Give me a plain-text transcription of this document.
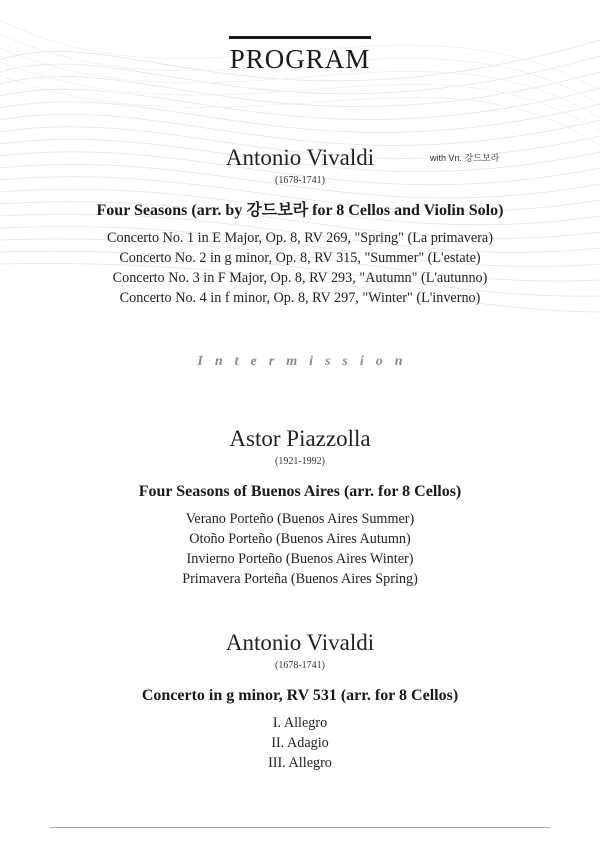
PROGRAM
Antonio Vivaldi
(1678-1741)
Four Seasons (arr. by 강드보라 for 8 Cellos and Violin Solo)
Concerto No. 1 in E Major, Op. 8, RV 269, "Spring" (La primavera)
Concerto No. 2 in g minor, Op. 8, RV 315, "Summer" (L'estate)
Concerto No. 3 in F Major, Op. 8, RV 293, "Autumn" (L'autunno)
Concerto No. 4 in f minor, Op. 8, RV 297, "Winter" (L'inverno)
with Vn. 강드보라
Intermission
Astor Piazzolla
(1921-1992)
Four Seasons of Buenos Aires (arr. for 8 Cellos)
Verano Porteño (Buenos Aires Summer)
Otoño Porteño (Buenos Aires Autumn)
Invierno Porteño (Buenos Aires Winter)
Primavera Porteña (Buenos Aires Spring)
Antonio Vivaldi
(1678-1741)
Concerto in g minor, RV 531 (arr. for 8 Cellos)
I. Allegro
II. Adagio
III. Allegro
